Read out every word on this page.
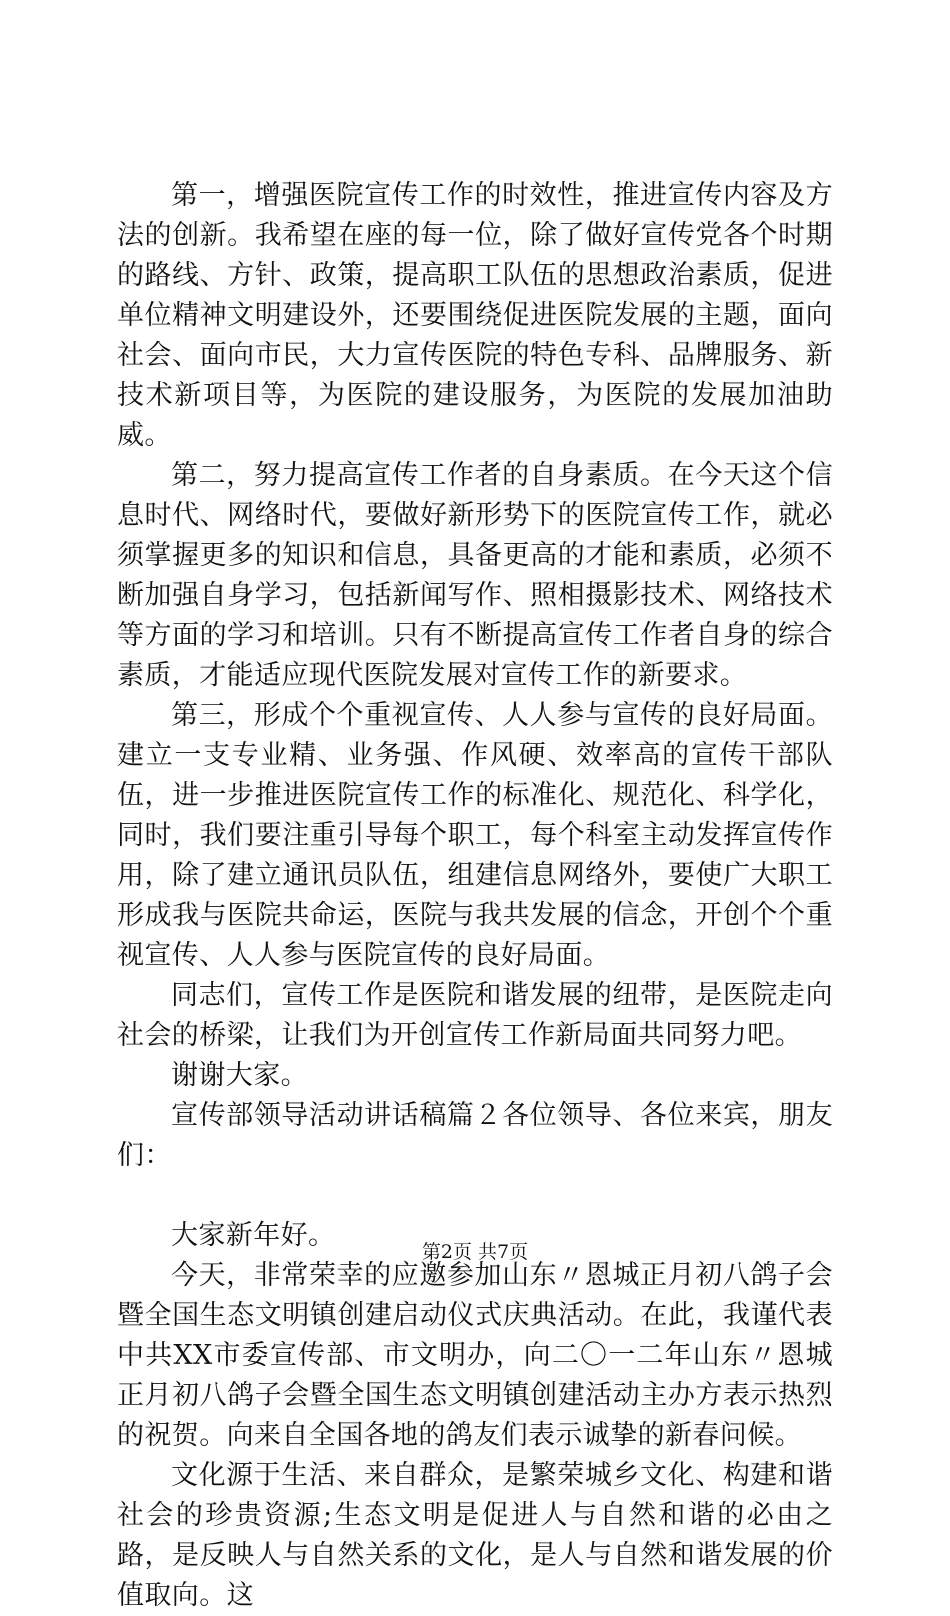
第一，增强医院宣传工作的时效性，推进宣传内容及方法的创新。我希望在座的每一位，除了做好宣传党各个时期的路线、方针、政策，提高职工队伍的思想政治素质，促进单位精神文明建设外，还要围绕促进医院发展的主题，面向社会、面向市民，大力宣传医院的特色专科、品牌服务、新技术新项目等，为医院的建设服务，为医院的发展加油助威。

第二，努力提高宣传工作者的自身素质。在今天这个信息时代、网络时代，要做好新形势下的医院宣传工作，就必须掌握更多的知识和信息，具备更高的才能和素质，必须不断加强自身学习，包括新闻写作、照相摄影技术、网络技术等方面的学习和培训。只有不断提高宣传工作者自身的综合素质，才能适应现代医院发展对宣传工作的新要求。

第三，形成个个重视宣传、人人参与宣传的良好局面。建立一支专业精、业务强、作风硬、效率高的宣传干部队伍，进一步推进医院宣传工作的标准化、规范化、科学化，同时，我们要注重引导每个职工，每个科室主动发挥宣传作用，除了建立通讯员队伍，组建信息网络外，要使广大职工形成我与医院共命运，医院与我共发展的信念，开创个个重视宣传、人人参与医院宣传的良好局面。

同志们，宣传工作是医院和谐发展的纽带，是医院走向社会的桥梁，让我们为开创宣传工作新局面共同努力吧。

谢谢大家。

宣传部领导活动讲话稿篇２各位领导、各位来宾，朋友们：

大家新年好。

今天，非常荣幸的应邀参加山东〃恩城正月初八鸽子会暨全国生态文明镇创建启动仪式庆典活动。在此，我谨代表中共XX市委宣传部、市文明办，向二〇一二年山东〃恩城正月初八鸽子会暨全国生态文明镇创建活动主办方表示热烈的祝贺。向来自全国各地的鸽友们表示诚挚的新春问候。

文化源于生活、来自群众，是繁荣城乡文化、构建和谐社会的珍贵资源;生态文明是促进人与自然和谐的必由之路，是反映人与自然关系的文化，是人与自然和谐发展的价值取向。这

第2页 共7页
